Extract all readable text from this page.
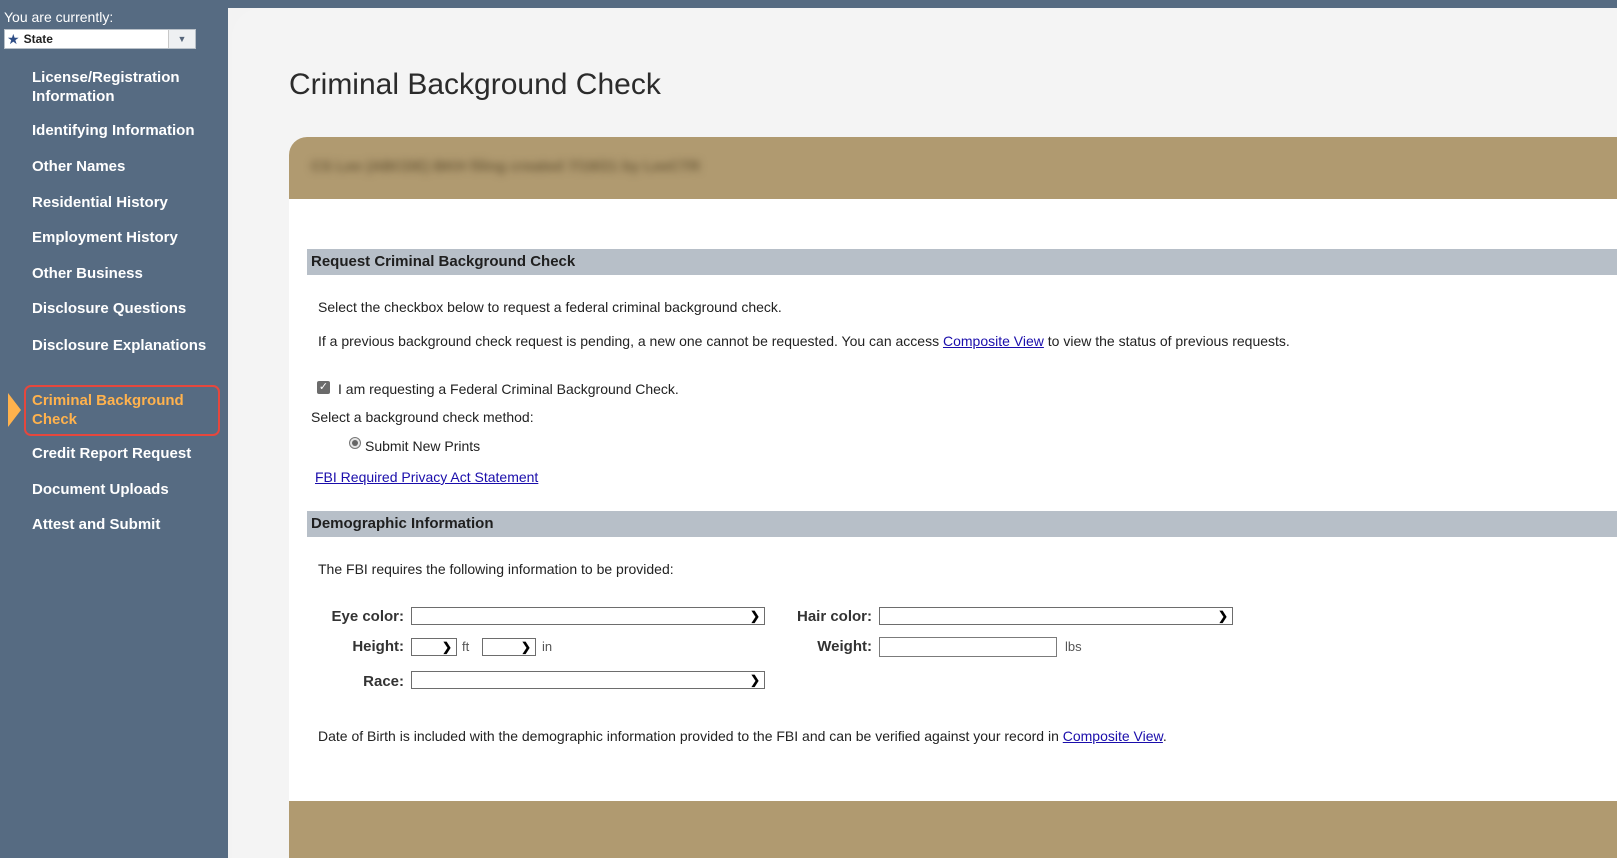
You are currently:
★ State	▼
License/Registration Information
Identifying Information
Other Names
Residential History
Employment History
Other Business
Disclosure Questions
Disclosure Explanations
Criminal Background Check
Credit Report Request
Document Uploads
Attest and Submit
Criminal Background Check
CS Lee (ABCDE) BKH filing created 7/19/21 by LeeCTR
Request Criminal Background Check
Select the checkbox below to request a federal criminal background check.
If a previous background check request is pending, a new one cannot be requested. You can access Composite View to view the status of previous requests.
✓ I am requesting a Federal Criminal Background Check.
Select a background check method:
Submit New Prints
FBI Required Privacy Act Statement
Demographic Information
The FBI requires the following information to be provided:
Eye color:	❯	Hair color:	❯
Height:	❯ ft	❯ in	Weight:	lbs
Race:	❯
Date of Birth is included with the demographic information provided to the FBI and can be verified against your record in Composite View.
